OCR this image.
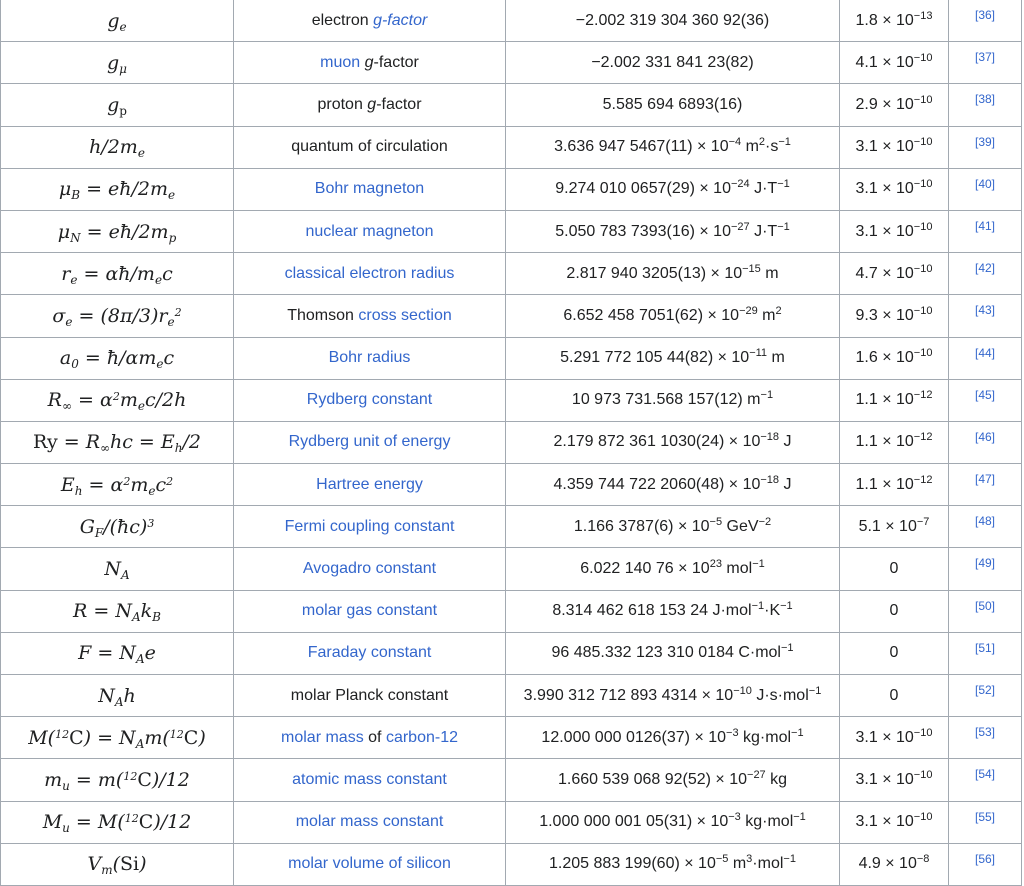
$g_e$	electron g-factor	−2.002 319 304 360 92(36)	$1.8 \times 10^{-13}$	[36]
$g_\mu$	muon g-factor	−2.002 331 841 23(82)	$4.1 \times 10^{-10}$	[37]
$g_p$	proton g-factor	5.585 694 6893(16)	$2.9 \times 10^{-10}$	[38]
$h/2m_e$	quantum of circulation	3.636 947 $5467(11) \times 10^{-4}$ $m^2\cdot s^{-1}$	$3.1 \times 10^{-10}$	[39]
$\mu_B$ = $eħ/2m_e$	Bohr magneton	9.274 010 $0657(29) \times 10^{-24}$ $J\cdot T^{-1}$	$3.1 \times 10^{-10}$	[40]
$\mu_N$ = $eħ/2m_p$	nuclear magneton	5.050 783 $7393(16) \times 10^{-27}$ $J\cdot T^{-1}$	$3.1 \times 10^{-10}$	[41]
$r_e$ = $\alpha ħ/m_ec$	classical electron radius	2.817 940 $3205(13) \times 10^{-15}$ m	$4.7 \times 10^{-10}$	[42]
$\sigma_e = (8\pi/3)r_e^2$	Thomson cross section	6.652 458 $7051(62) \times 10^{-29}$ $m^2$	$9.3 \times 10^{-10}$	[43]
$a_0$ = $ħ/\alpha m_ec$	Bohr radius	5.291 772 105 $44(82) \times 10^{-11}$ m	$1.6 \times 10^{-10}$	[44]
$R_\infty = \alpha^2m_ec/2h$	Rydberg constant	10 973 731.568 157(12) $m^{-1}$	$1.1 \times 10^{-12}$	[45]
$Ry = R_\infty hc = E_h/2$	Rydberg unit of energy	2.179 872 361 $1030(24) \times 10^{-18}$ J	$1.1 \times 10^{-12}$	[46]
$E_h = \alpha^2m_ec^2$	Hartree energy	4.359 744 722 $2060(48) \times 10^{-18}$ J	$1.1 \times 10^{-12}$	[47]
$G_F/(ħc)^3$	Fermi coupling constant	1.166 $3787(6) \times 10^{-5}$ GeV$^{-2}$	$5.1 \times 10^{-7}$	[48]
$N_A$	Avogadro constant	6.022 140 $76 \times 10^{23}$ mol$^{-1}$	0	[49]
$R = N_Ak_B$	molar gas constant	8.314 462 618 153 24 $J\cdot mol^{-1}\cdot K^{-1}$	0	[50]
$F = N_Ae$	Faraday constant	96 485.332 123 310 0184 C·mol$^{-1}$	0	[51]
$N_Ah$	molar Planck constant	3.990 312 712 893 $4314 \times 10^{-10}$ J·s·mol$^{-1}$	0	[52]
$M(^{12}C) = N_Am(^{12}C)$	molar mass of carbon-12	12.000 000 $0126(37) \times 10^{-3}$ kg·mol$^{-1}$	$3.1 \times 10^{-10}$	[53]
$m_u = m(^{12}C)/12$	atomic mass constant	1.660 539 068 $92(52) \times 10^{-27}$ kg	$3.1 \times 10^{-10}$	[54]
$M_u = M(^{12}C)/12$	molar mass constant	1.000 000 001 $05(31) \times 10^{-3}$ kg·mol$^{-1}$	$3.1 \times 10^{-10}$	[55]
$V_m(Si)$	molar volume of silicon	1.205 883 $199(60) \times 10^{-5}$ $m^3\cdot mol^{-1}$	$4.9 \times 10^{-8}$	[56]
